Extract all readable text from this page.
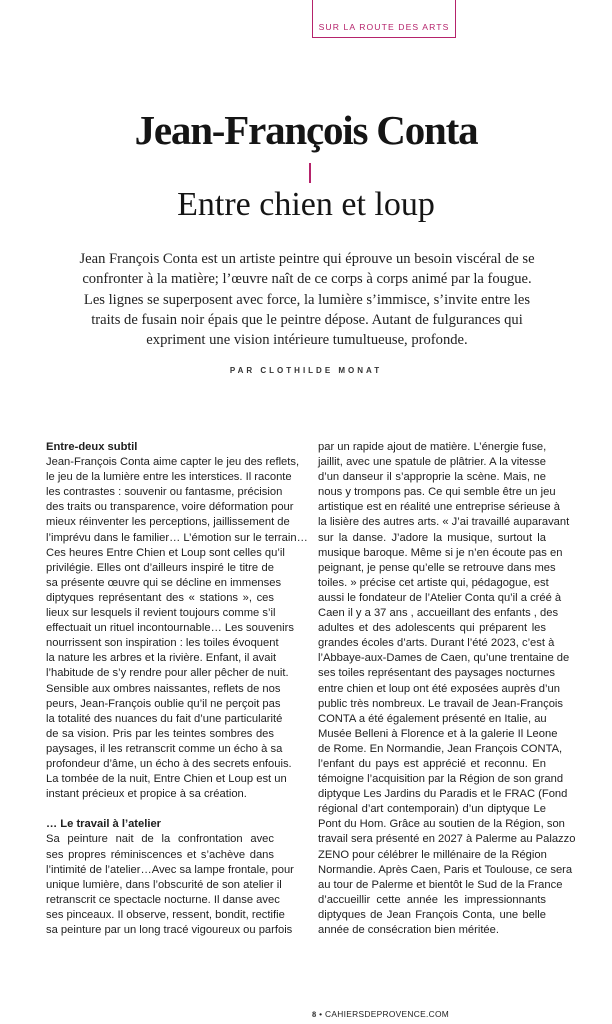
SUR LA ROUTE DES ARTS
Jean-François Conta
Entre chien et loup
Jean François Conta est un artiste peintre qui éprouve un besoin viscéral de se
confronter à la matière; l’œuvre naît de ce corps à corps animé par la fougue.
Les lignes se superposent avec force, la lumière s’immisce, s’invite entre les
traits de fusain noir épais que le peintre dépose. Autant de fulgurances qui
expriment une vision intérieure tumultueuse, profonde.
PAR CLOTHILDE MONAT
Entre-deux subtil
Jean-François Conta aime capter le jeu des reflets,
le jeu de la lumière entre les interstices. Il raconte
les contrastes : souvenir ou fantasme, précision
des traits ou transparence, voire déformation pour
mieux réinventer les perceptions, jaillissement de
l’imprévu dans le familier… L’émotion sur le terrain…
Ces heures Entre Chien et Loup sont celles qu’il
privilégie. Elles ont d’ailleurs inspiré le titre de
sa présente œuvre qui se décline en immenses
diptyques représentant des « stations », ces
lieux sur lesquels il revient toujours comme s’il
effectuait un rituel incontournable… Les souvenirs
nourrissent son inspiration : les toiles évoquent
la nature les arbres et la rivière. Enfant, il avait
l’habitude de s’y rendre pour aller pêcher de nuit.
Sensible aux ombres naissantes, reflets de nos
peurs, Jean-François oublie qu’il ne perçoit pas
la totalité des nuances du fait d’une particularité
de sa vision. Pris par les teintes sombres des
paysages, il les retranscrit comme un écho à sa
profondeur d’âme, un écho à des secrets enfouis.
La tombée de la nuit, Entre Chien et Loup est un
instant précieux et propice à sa création.
… Le travail à l’atelier
Sa peinture nait de la confrontation avec
ses propres réminiscences et s’achève dans
l’intimité de l’atelier…Avec sa lampe frontale, pour
unique lumière, dans l’obscurité de son atelier il
retranscrit ce spectacle nocturne. Il danse avec
ses pinceaux. Il observe, ressent, bondit, rectifie
sa peinture par un long tracé vigoureux ou parfois
par un rapide ajout de matière. L’énergie fuse,
jaillit, avec une spatule de plâtrier. A la vitesse
d’un danseur il s’approprie la scène. Mais, ne
nous y trompons pas. Ce qui semble être un jeu
artistique est en réalité une entreprise sérieuse à
la lisière des autres arts. « J’ai travaillé auparavant
sur la danse. J’adore la musique, surtout la
musique baroque. Même si je n’en écoute pas en
peignant, je pense qu’elle se retrouve dans mes
toiles. » précise cet artiste qui, pédagogue, est
aussi le fondateur de l’Atelier Conta qu’il a créé à
Caen il y a 37 ans , accueillant des enfants , des
adultes et des adolescents qui préparent les
grandes écoles d’arts. Durant l’été 2023, c’est à
l’Abbaye-aux-Dames de Caen, qu’une trentaine de
ses toiles représentant des paysages nocturnes
entre chien et loup ont été exposées auprès d’un
public très nombreux. Le travail de Jean-François
CONTA a été également présenté en Italie, au
Musée Belleni à Florence et à la galerie Il Leone
de Rome. En Normandie, Jean François CONTA,
l’enfant du pays est apprécié et reconnu. En
témoigne l’acquisition par la Région de son grand
diptyque Les Jardins du Paradis et le FRAC (Fond
régional d’art contemporain) d’un diptyque Le
Pont du Hom. Grâce au soutien de la Région, son
travail sera présenté en 2027 à Palerme au Palazzo
ZENO pour célébrer le millénaire de la Région
Normandie. Après Caen, Paris et Toulouse, ce sera
au tour de Palerme et bientôt le Sud de la France
d’accueillir cette année les impressionnants
diptyques de Jean François Conta, une belle
année de consécration bien méritée.
8 • CAHIERSDEPROVENCE.COM
